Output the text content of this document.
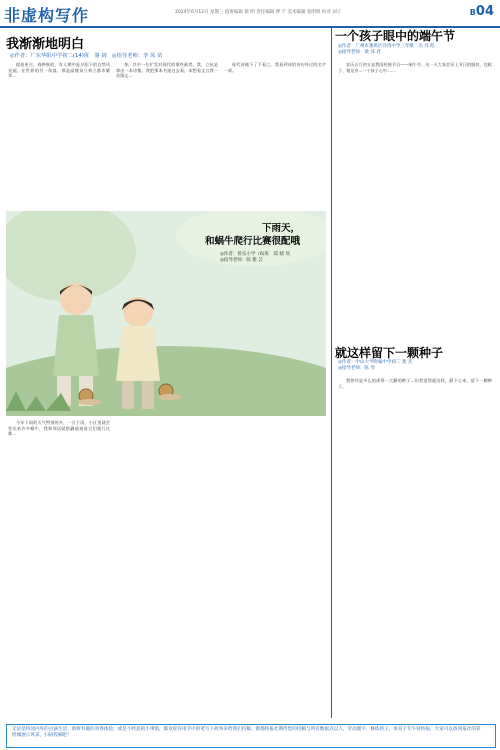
非虚构写作	2024年6月12日 星期三 值班编辑 蔡 明 责任编辑 曹 宁 美术编辑 张明明 校对 刘子	B04
我渐渐地明白
◎作者：广东华阳中学初二(14)班　骆 阔　◎指导老师：李 凤 苗

提夜更吉，春种秋收，有人期中是夕阳下的自然风光画，在世界的另一角落，那是高楼耸立林立都市繁华...

奔，其中一位扩发对现代的那些画者。我，立抗是拿出一本诗集。我把那本书递过去看，本想看文言我一首情文...

现代诗被下了不看之。我看到诗的诗句经过的名字一样。

一个孩子眼中的端午节
◎作者：广州市番禺区沙湾中学三年级　冯 洋 皓
◎指导老师：梁 沫 君

农历五月初五是我国传统节日——端午节。这一天大家会穿上节日的服装，包粽子、划龙舟...一个孩子心中……

下雨天，
和蜗牛爬行比赛很配哦
◎作者：侨乐小学（6)班　郑 晓 瑶
◎指导老师：陈 雅 芸

今年下雨的天气特别的多，一旦下雨，小区里就会冒出来许多蜗牛，我和邻居就搭蘑菇观看它们爬行比赛…

就这样留下一颗种子
◎作者：中山大学附属中学初二 龚 杰
◎指导老师：陈 琴

我曾经是多么的羡慕一大颗的种子…但我觉得就这样，静下心来，留下一颗种子。

无论是校园内外的点滴生活、新鲜有趣的青春体验，或是不经意的小事情，都欢迎你用手中的笔写下故事来给我们投稿。渐都校报社期待您的投稿与所有数据点以人，劳动题字、修炼将王、体育千年牛特校报，大家可以找到报社的彩绘城展示风采，扫码投稿吧！
